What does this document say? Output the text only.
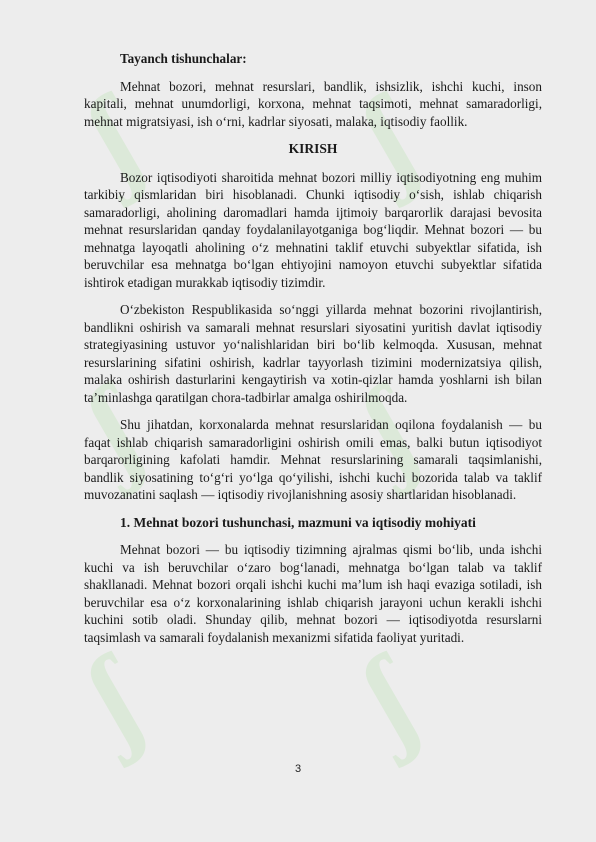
ʃ ʃ
ʃ ʃ
ʃ ʃ

Tayanch tishunchalar:

Mehnat bozori, mehnat resurslari, bandlik, ishsizlik, ishchi kuchi, inson kapitali, mehnat unumdorligi, korxona, mehnat taqsimoti, mehnat samaradorligi, mehnat migratsiyasi, ish o‘rni, kadrlar siyosati, malaka, iqtisodiy faollik.

KIRISH

Bozor iqtisodiyoti sharoitida mehnat bozori milliy iqtisodiyotning eng muhim tarkibiy qismlaridan biri hisoblanadi. Chunki iqtisodiy o‘sish, ishlab chiqarish samaradorligi, aholining daromadlari hamda ijtimoiy barqarorlik darajasi bevosita mehnat resurslaridan qanday foydalanilayotganiga bog‘liqdir. Mehnat bozori — bu mehnatga layoqatli aholining o‘z mehnatini taklif etuvchi subyektlar sifatida, ish beruvchilar esa mehnatga bo‘lgan ehtiyojini namoyon etuvchi subyektlar sifatida ishtirok etadigan murakkab iqtisodiy tizimdir.

O‘zbekiston Respublikasida so‘nggi yillarda mehnat bozorini rivojlantirish, bandlikni oshirish va samarali mehnat resurslari siyosatini yuritish davlat iqtisodiy strategiyasining ustuvor yo‘nalishlaridan biri bo‘lib kelmoqda. Xususan, mehnat resurslarining sifatini oshirish, kadrlar tayyorlash tizimini modernizatsiya qilish, malaka oshirish dasturlarini kengaytirish va xotin-qizlar hamda yoshlarni ish bilan ta’minlashga qaratilgan chora-tadbirlar amalga oshirilmoqda.

Shu jihatdan, korxonalarda mehnat resurslaridan oqilona foydalanish — bu faqat ishlab chiqarish samaradorligini oshirish omili emas, balki butun iqtisodiyot barqarorligining kafolati hamdir. Mehnat resurslarining samarali taqsimlanishi, bandlik siyosatining to‘g‘ri yo‘lga qo‘yilishi, ishchi kuchi bozorida talab va taklif muvozanatini saqlash — iqtisodiy rivojlanishning asosiy shartlaridan hisoblanadi.

1. Mehnat bozori tushunchasi, mazmuni va iqtisodiy mohiyati

Mehnat bozori — bu iqtisodiy tizimning ajralmas qismi bo‘lib, unda ishchi kuchi va ish beruvchilar o‘zaro bog‘lanadi, mehnatga bo‘lgan talab va taklif shakllanadi. Mehnat bozori orqali ishchi kuchi ma’lum ish haqi evaziga sotiladi, ish beruvchilar esa o‘z korxonalarining ishlab chiqarish jarayoni uchun kerakli ishchi kuchini sotib oladi. Shunday qilib, mehnat bozori — iqtisodiyotda resurslarni taqsimlash va samarali foydalanish mexanizmi sifatida faoliyat yuritadi.

3
